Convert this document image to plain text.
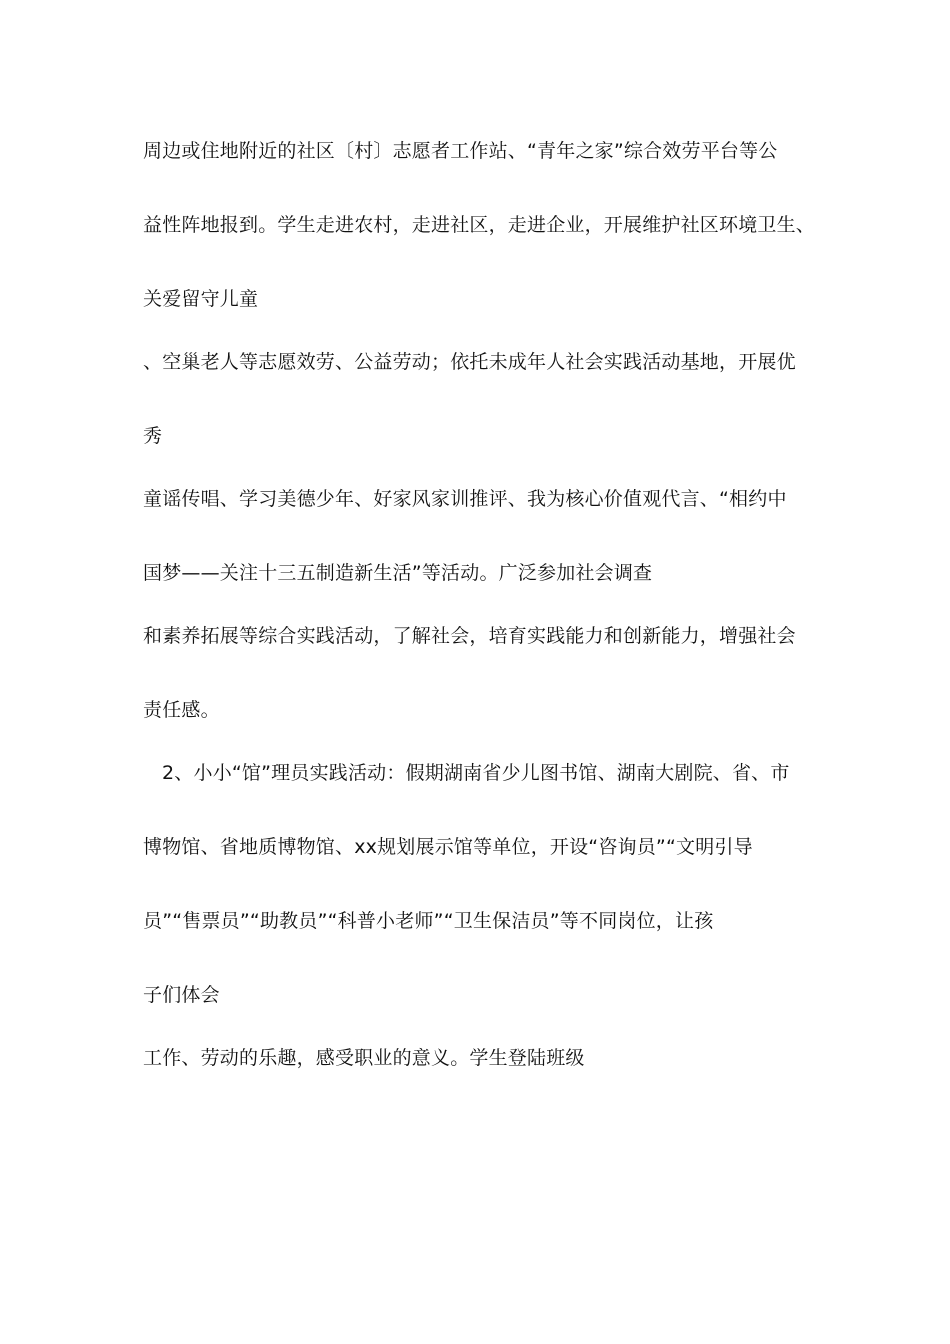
周边或住地附近的社区〔村〕志愿者工作站、“青年之家”综合效劳平台等公
益性阵地报到。学生走进农村，走进社区，走进企业，开展维护社区环境卫生、
关爱留守儿童
、空巢老人等志愿效劳、公益劳动；依托未成年人社会实践活动基地，开展优
秀
童谣传唱、学习美德少年、好家风家训推评、我为核心价值观代言、“相约中
国梦——关注十三五制造新生活”等活动。广泛参加社会调查
和素养拓展等综合实践活动，了解社会，培育实践能力和创新能力，增强社会
责任感。
2、小小“馆”理员实践活动：假期湖南省少儿图书馆、湖南大剧院、省、市
博物馆、省地质博物馆、xx规划展示馆等单位，开设“咨询员”“文明引导
员”“售票员”“助教员”“科普小老师”“卫生保洁员”等不同岗位，让孩
子们体会
工作、劳动的乐趣，感受职业的意义。学生登陆班级
